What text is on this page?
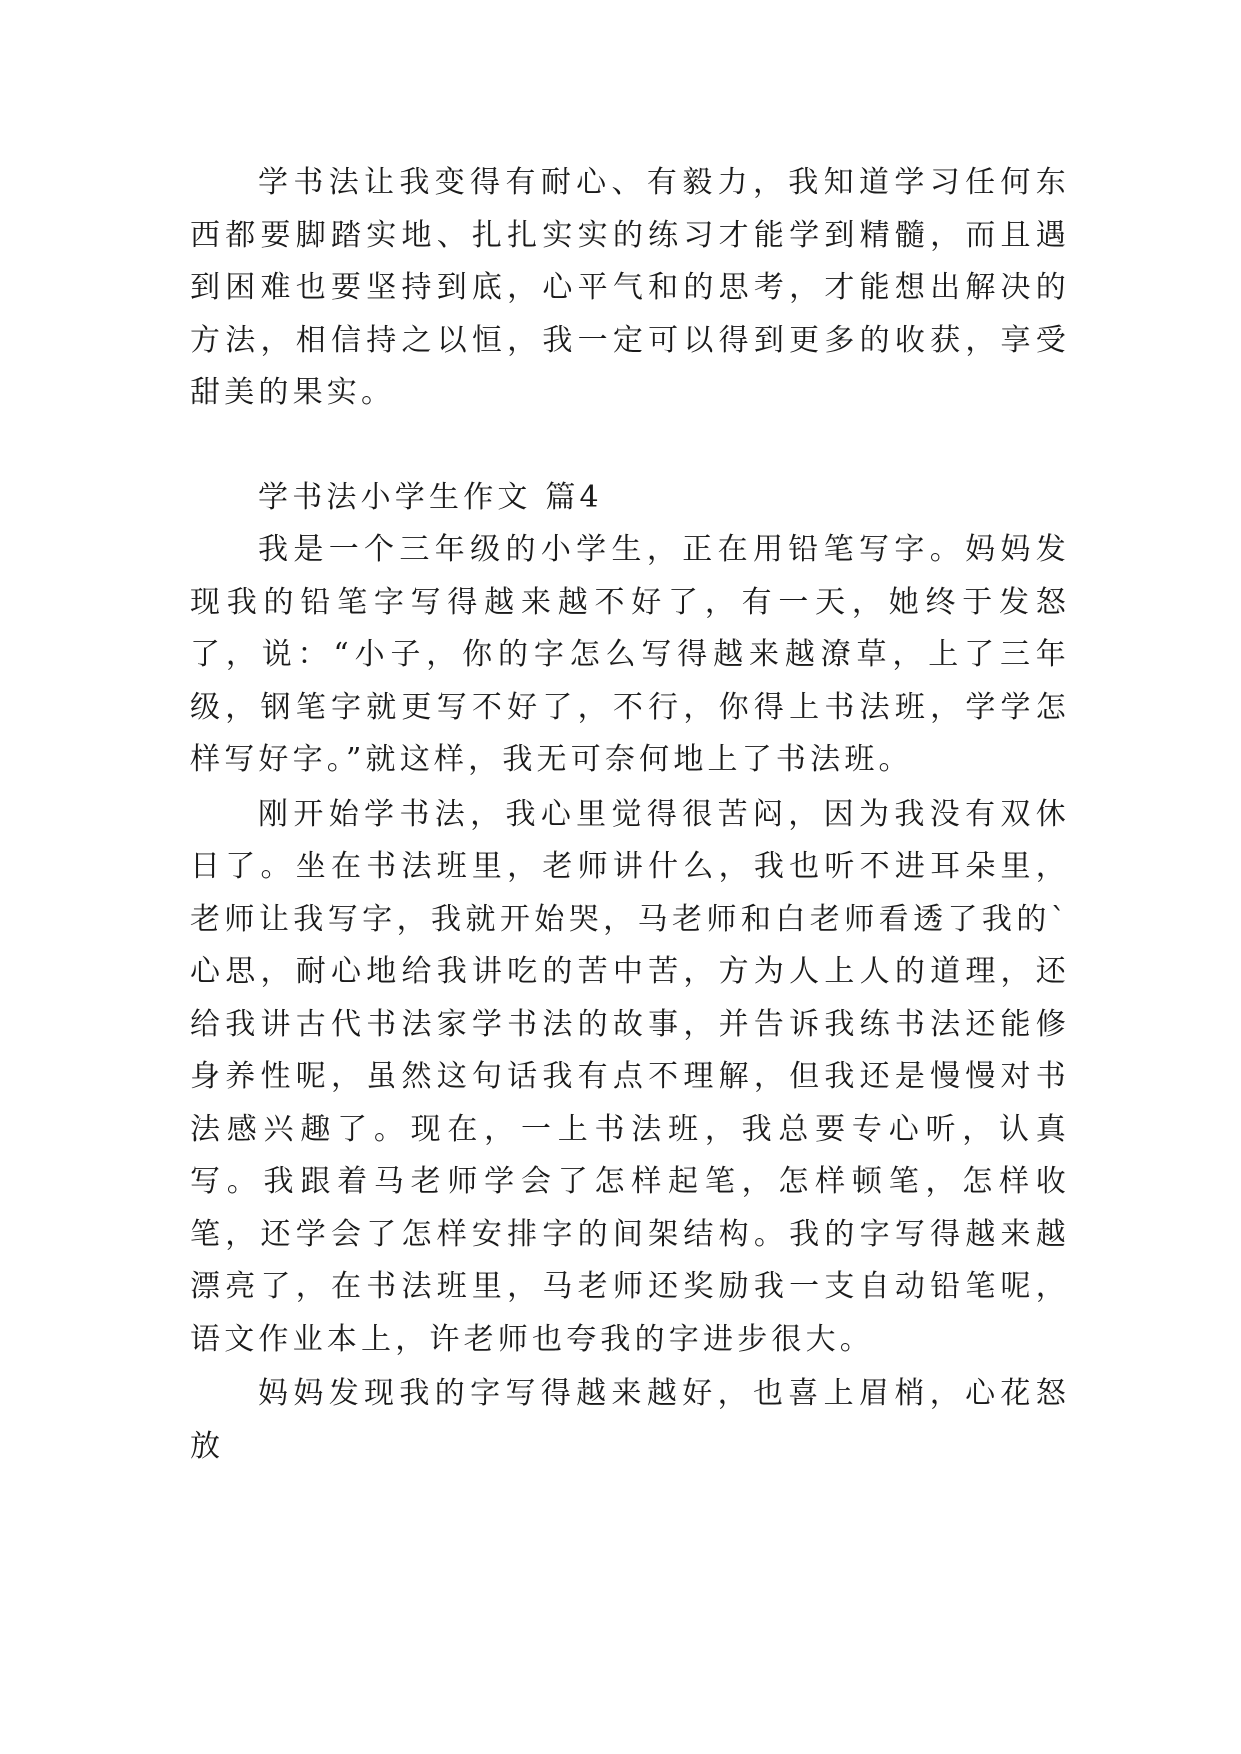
学书法让我变得有耐心、有毅力，我知道学习任何东西都要脚踏实地、扎扎实实的练习才能学到精髓，而且遇到困难也要坚持到底，心平气和的思考，才能想出解决的方法，相信持之以恒，我一定可以得到更多的收获，享受甜美的果实。

学书法小学生作文 篇4

我是一个三年级的小学生，正在用铅笔写字。妈妈发现我的铅笔字写得越来越不好了，有一天，她终于发怒了，说：“小子，你的字怎么写得越来越潦草，上了三年级，钢笔字就更写不好了，不行，你得上书法班，学学怎样写好字。”就这样，我无可奈何地上了书法班。

刚开始学书法，我心里觉得很苦闷，因为我没有双休日了。坐在书法班里，老师讲什么，我也听不进耳朵里，老师让我写字，我就开始哭，马老师和白老师看透了我的`心思，耐心地给我讲吃的苦中苦，方为人上人的道理，还给我讲古代书法家学书法的故事，并告诉我练书法还能修身养性呢，虽然这句话我有点不理解，但我还是慢慢对书法感兴趣了。现在，一上书法班，我总要专心听，认真写。我跟着马老师学会了怎样起笔，怎样顿笔，怎样收笔，还学会了怎样安排字的间架结构。我的字写得越来越漂亮了，在书法班里，马老师还奖励我一支自动铅笔呢，语文作业本上，许老师也夸我的字进步很大。

妈妈发现我的字写得越来越好，也喜上眉梢，心花怒放
